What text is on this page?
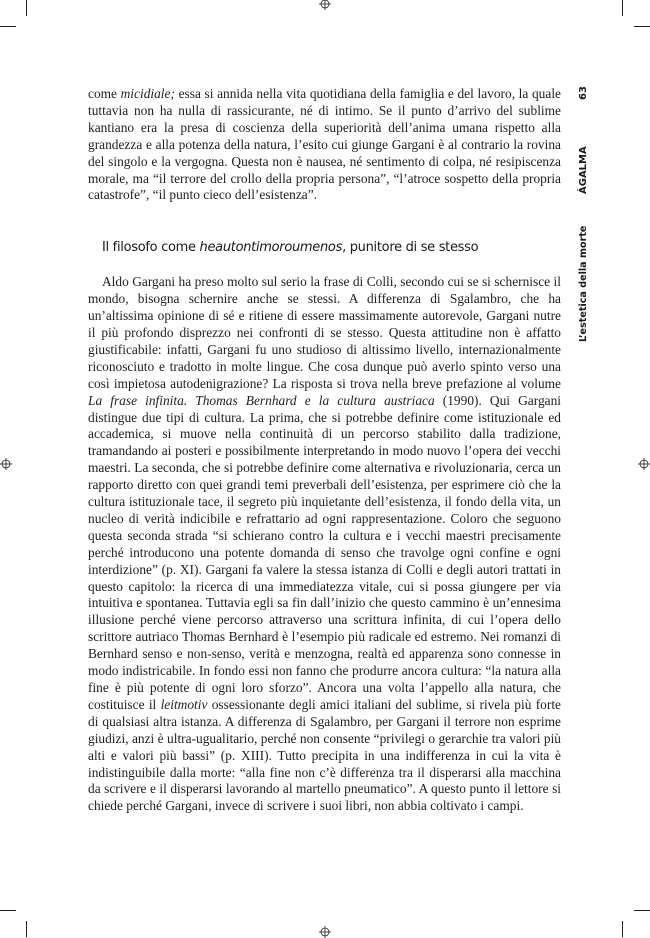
63
ÁGALMA
L’estetica della morte

come micidiale; essa si annida nella vita quotidiana della famiglia e del lavoro, la quale tuttavia non ha nulla di rassicurante, né di intimo. Se il punto d’arrivo del sublime kantiano era la presa di coscienza della superiorità dell’anima umana rispetto alla grandezza e alla potenza della natura, l’esito cui giunge Gargani è al contrario la rovina del singolo e la vergogna. Questa non è nausea, né sentimento di colpa, né resipiscenza morale, ma “il terrore del crollo della propria persona”, “l’atroce sospetto della propria catastrofe”, “il punto cieco dell’esistenza”.

Il filosofo come heautontimoroumenos, punitore di se stesso

Aldo Gargani ha preso molto sul serio la frase di Colli, secondo cui se si schernisce il mondo, bisogna schernire anche se stessi. A differenza di Sgalambro, che ha un’altissima opinione di sé e ritiene di essere massimamente autorevole, Gargani nutre il più profondo disprezzo nei confronti di se stesso. Questa attitudine non è affatto giustificabile: infatti, Gargani fu uno studioso di altissimo livello, internazionalmente riconosciuto e tradotto in molte lingue. Che cosa dunque può averlo spinto verso una così impietosa autodenigrazione? La risposta si trova nella breve prefazione al volume La frase infinita. Thomas Bernhard e la cultura austriaca (1990). Qui Gargani distingue due tipi di cultura. La prima, che si potrebbe definire come istituzionale ed accademica, si muove nella continuità di un percorso stabilito dalla tradizione, tramandando ai posteri e possibilmente interpretando in modo nuovo l’opera dei vecchi maestri. La seconda, che si potrebbe definire come alternativa e rivoluzionaria, cerca un rapporto diretto con quei grandi temi preverbali dell’esistenza, per esprimere ciò che la cultura istituzionale tace, il segreto più inquietante dell’esistenza, il fondo della vita, un nucleo di verità indicibile e refrattario ad ogni rappresentazione. Coloro che seguono questa seconda strada “si schierano contro la cultura e i vecchi maestri precisamente perché introducono una potente domanda di senso che travolge ogni confine e ogni interdizione” (p. XI). Gargani fa valere la stessa istanza di Colli e degli autori trattati in questo capitolo: la ricerca di una immediatezza vitale, cui si possa giungere per via intuitiva e spontanea. Tuttavia egli sa fin dall’inizio che questo cammino è un’ennesima illusione perché viene percorso attraverso una scrittura infinita, di cui l’opera dello scrittore autriaco Thomas Bernhard è l’esempio più radicale ed estremo. Nei romanzi di Bernhard senso e non-senso, verità e menzogna, realtà ed apparenza sono connesse in modo indistricabile. In fondo essi non fanno che produrre ancora cultura: “la natura alla fine è più potente di ogni loro sforzo”. Ancora una volta l’appello alla natura, che costituisce il leitmotiv ossessionante degli amici italiani del sublime, si rivela più forte di qualsiasi altra istanza. A differenza di Sgalambro, per Gargani il terrore non esprime giudizi, anzi è ultra-ugualitario, perché non consente “privilegi o gerarchie tra valori più alti e valori più bassi” (p. XIII). Tutto precipita in una indifferenza in cui la vita è indistinguibile dalla morte: “alla fine non c’è differenza tra il disperarsi alla macchina da scrivere e il disperarsi lavorando al martello pneumatico”. A questo punto il lettore si chiede perché Gargani, invece di scrivere i suoi libri, non abbia coltivato i campi.
